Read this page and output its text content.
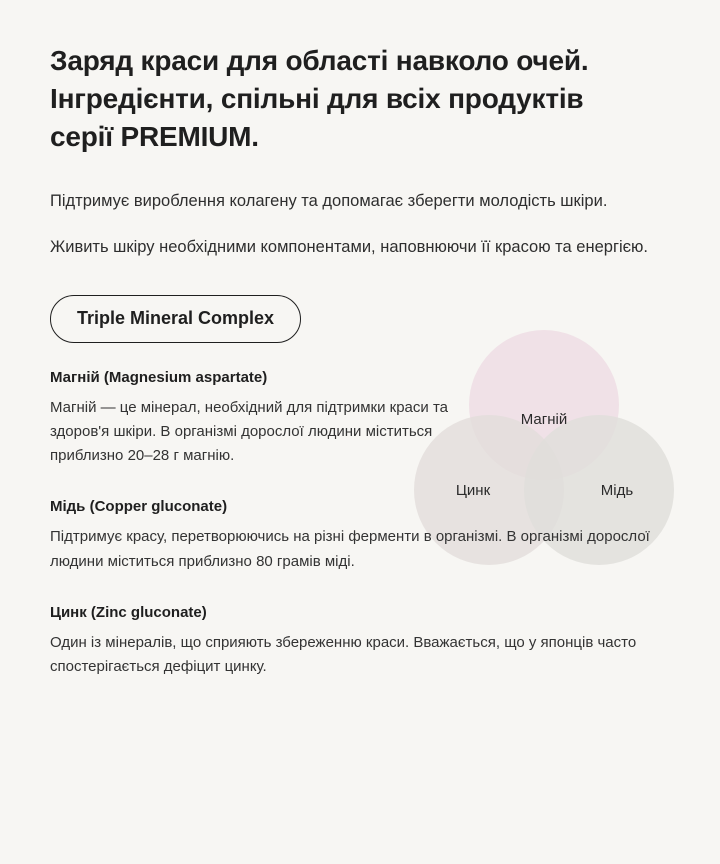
Заряд краси для області навколо очей. Інгредієнти, спільні для всіх продуктів серії PREMIUM.

Підтримує вироблення колагену та допомагає зберегти молодість шкіри.

Живить шкіру необхідними компонентами, наповнюючи її красою та енергією.

Магній
Цинк	Мідь
Triple Mineral Complex
Магній (Magnesium aspartate)
Магній — це мінерал, необхідний для підтримки краси та здоров'я шкіри. В організмі дорослої людини міститься приблизно 20–28 г магнію.
Мідь (Copper gluconate)
Підтримує красу, перетворюючись на різні ферменти в організмі. В організмі дорослої людини міститься приблизно 80 грамів міді.
Цинк (Zinc gluconate)
Один із мінералів, що сприяють збереженню краси. Вважається, що у японців часто спостерігається дефіцит цинку.
